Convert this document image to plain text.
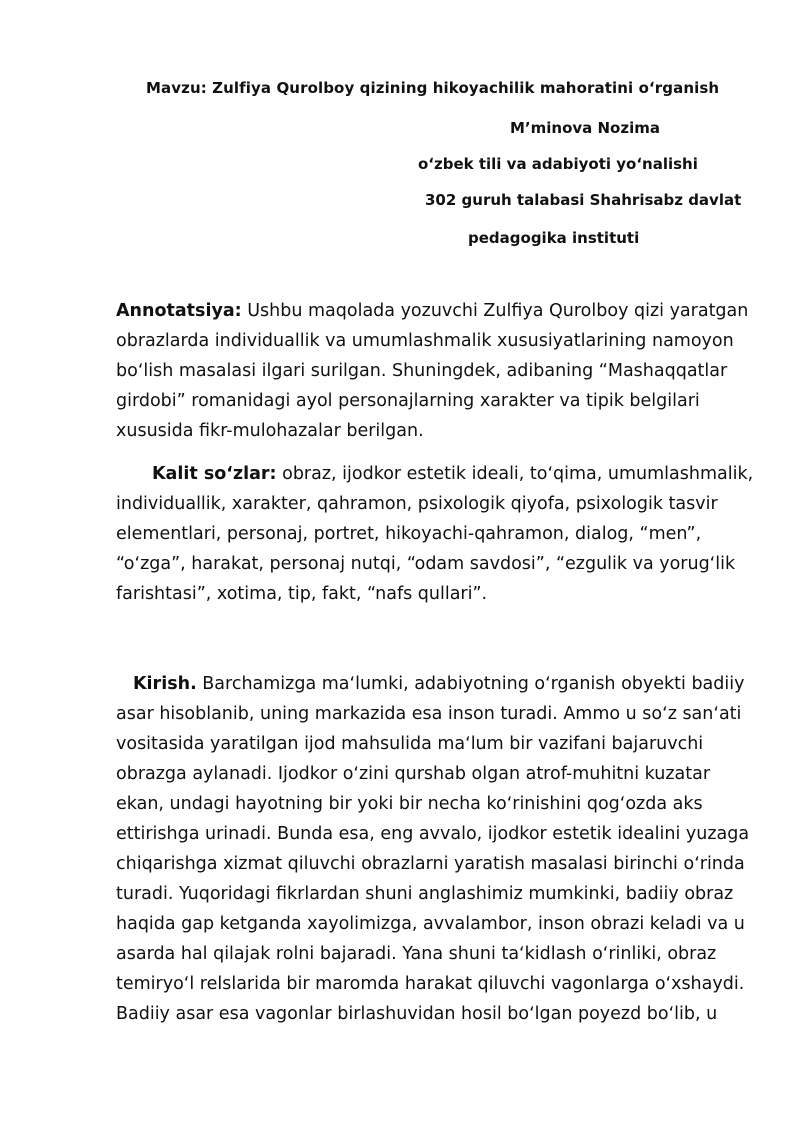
Mavzu: Zulfiya Qurolboy qizining hikoyachilik mahoratini oʻrganish
M’minova Nozima
oʻzbek tili va adabiyoti yoʻnalishi
302 guruh talabasi Shahrisabz davlat
pedagogika instituti
Annotatsiya: Ushbu maqolada yozuvchi Zulfiya Qurolboy qizi yaratgan
obrazlarda individuallik va umumlashmalik xususiyatlarining namoyon
boʻlish masalasi ilgari surilgan. Shuningdek, adibaning “Mashaqqatlar
girdobi” romanidagi ayol personajlarning xarakter va tipik belgilari
xususida fikr-mulohazalar berilgan.
Kalit soʻzlar: obraz, ijodkor estetik ideali, toʻqima, umumlashmalik,
individuallik, xarakter, qahramon, psixologik qiyofa, psixologik tasvir
elementlari, personaj, portret, hikoyachi-qahramon, dialog, “men”,
“oʻzga”, harakat, personaj nutqi, “odam savdosi”, “ezgulik va yorugʻlik
farishtasi”, xotima, tip, fakt, “nafs qullari”.
Kirish. Barchamizga maʻlumki, adabiyotning oʻrganish obyekti badiiy
asar hisoblanib, uning markazida esa inson turadi. Ammo u soʻz sanʻati
vositasida yaratilgan ijod mahsulida maʻlum bir vazifani bajaruvchi
obrazga aylanadi. Ijodkor oʻzini qurshab olgan atrof-muhitni kuzatar
ekan, undagi hayotning bir yoki bir necha koʻrinishini qogʻozda aks
ettirishga urinadi. Bunda esa, eng avvalo, ijodkor estetik idealini yuzaga
chiqarishga xizmat qiluvchi obrazlarni yaratish masalasi birinchi oʻrinda
turadi. Yuqoridagi fikrlardan shuni anglashimiz mumkinki, badiiy obraz
haqida gap ketganda xayolimizga, avvalambor, inson obrazi keladi va u
asarda hal qilajak rolni bajaradi. Yana shuni taʻkidlash oʻrinliki, obraz
temiryoʻl relslarida bir maromda harakat qiluvchi vagonlarga oʻxshaydi.
Badiiy asar esa vagonlar birlashuvidan hosil boʻlgan poyezd boʻlib, u
